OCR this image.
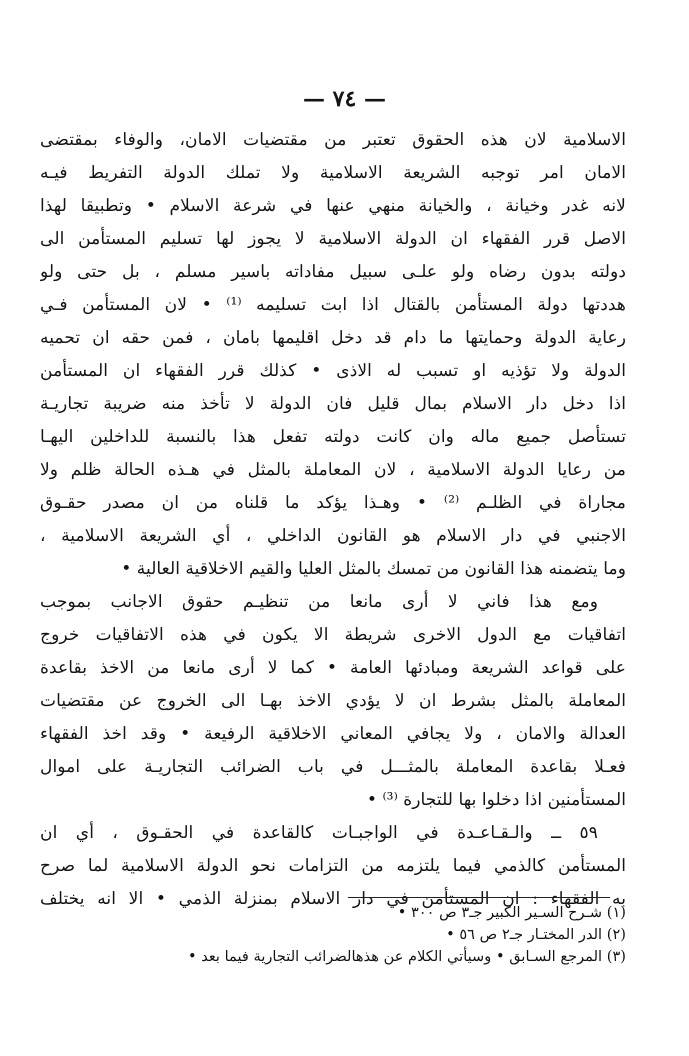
— ٧٤ —
الاسلامية لان هذه الحقوق تعتبر من مقتضيات الامان، والوفاء بمقتضى
الامان امر توجبه الشريعة الاسلامية ولا تملك الدولة التفريط فيـه
لانه غدر وخيانة ، والخيانة منهي عنها في شرعة الاسلام • وتطبيقا لهذا
الاصل قرر الفقهاء ان الدولة الاسلامية لا يجوز لها تسليم المستأمن الى
دولته بدون رضاه ولو علـى سبيل مفاداته باسير مسلم ، بل حتى ولو
هددتها دولة المستأمن بالقتال اذا ابت تسليمه ⁽¹⁾ • لان المستأمن فـي
رعاية الدولة وحمايتها ما دام قد دخل اقليمها بامان ، فمن حقه ان تحميه
الدولة ولا تؤذيه او تسبب له الاذى • كذلك قرر الفقهاء ان المستأمن
اذا دخل دار الاسلام بمال قليل فان الدولة لا تأخذ منه ضريبة تجاريـة
تستأصل جميع ماله وان كانت دولته تفعل هذا بالنسبة للداخلين اليهـا
من رعايا الدولة الاسلامية ، لان المعاملة بالمثل في هـذه الحالة ظلم ولا
مجاراة في الظلـم ⁽²⁾ • وهـذا يؤكد ما قلناه من ان مصدر حقـوق
الاجنبي في دار الاسلام هو القانون الداخلي ، أي الشريعة الاسلامية ،
وما يتضمنه هذا القانون من تمسك بالمثل العليا والقيم الاخلاقية العالية •
ومع هذا فاني لا أرى مانعا من تنظيـم حقوق الاجانب بموجب
اتفاقيات مع الدول الاخرى شريطة الا يكون في هذه الاتفاقيات خروج
على قواعد الشريعة ومبادئها العامة • كما لا أرى مانعا من الاخذ بقاعدة
المعاملة بالمثل بشرط ان لا يؤدي الاخذ بهـا الى الخروج عن مقتضيات
العدالة والامان ، ولا يجافي المعاني الاخلاقية الرفيعة • وقد اخذ الفقهاء
فعـلا بقاعدة المعاملة بالمثـــل في باب الضرائب التجاريـة على اموال
المستأمنين اذا دخلوا بها للتجارة ⁽³⁾ •
٥٩ ــ والـقـاعـدة في الواجبـات كالقاعدة في الحقـوق ، أي ان
المستأمن كالذمي فيما يلتزمه من التزامات نحو الدولة الاسلامية لما صرح
به الفقهاء : ان المستأمن في دار الاسلام بمنزلة الذمي • الا انه يختلف
(١) شـرح السـير الكبير جـ٣ ص ٣٠٠ •
(٢) الدر المختـار جـ٢ ص ٥٦ •
(٣) المرجع السـابق • وسيأتي الكلام عن هذهالضرائب التجارية فيما بعد •
